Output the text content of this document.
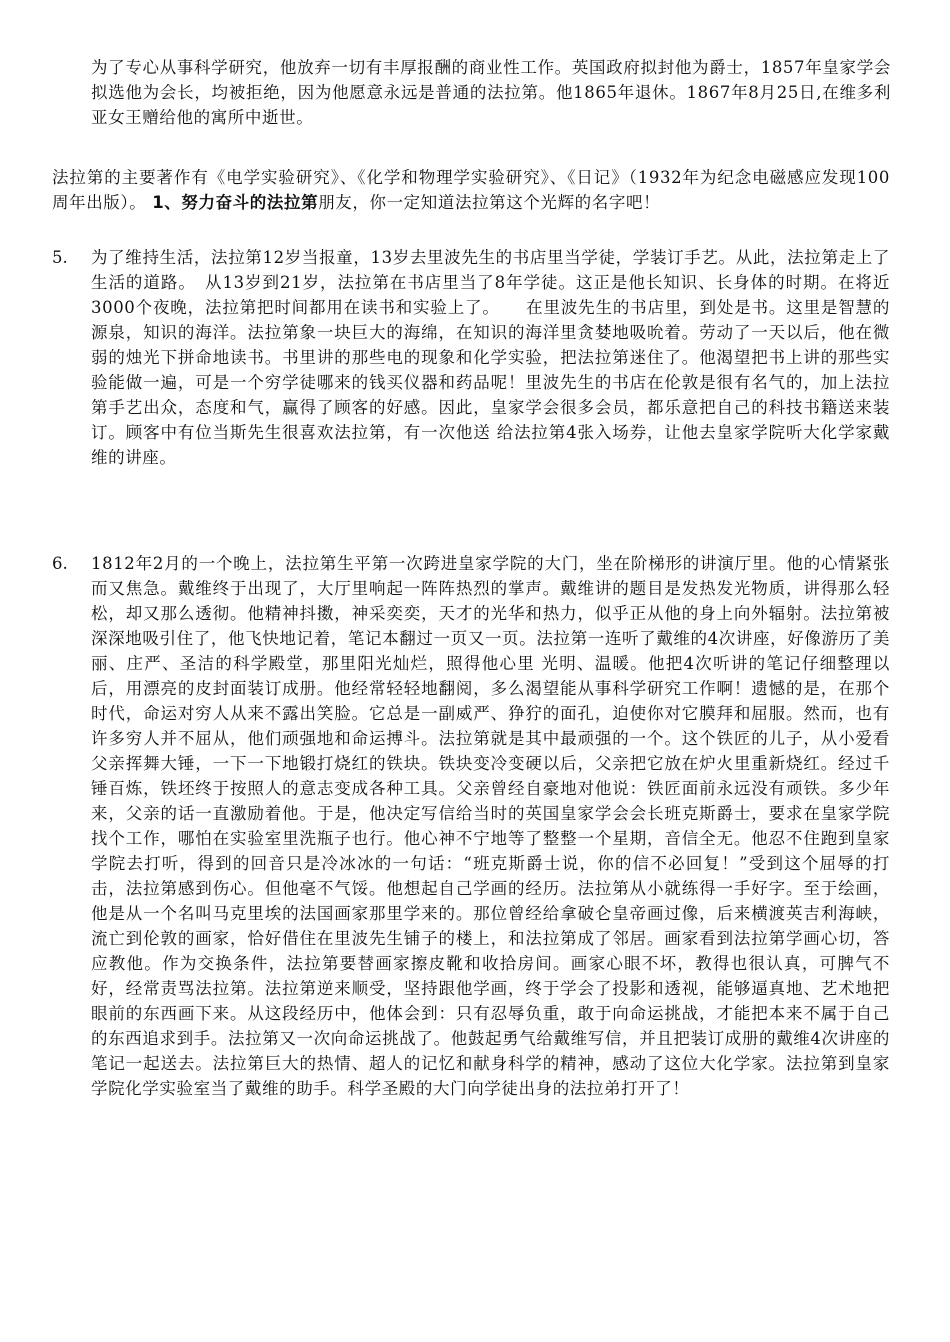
为了专心从事科学研究，他放弃一切有丰厚报酬的商业性工作。英国政府拟封他为爵士，1857年皇家学会拟选他为会长，均被拒绝，因为他愿意永远是普通的法拉第。他1865年退休。1867年8月25日,在维多利亚女王赠给他的寓所中逝世。

法拉第的主要著作有《电学实验研究》、《化学和物理学实验研究》、《日记》（1932年为纪念电磁感应发现100周年出版）。 1、努力奋斗的法拉第朋友，你一定知道法拉第这个光辉的名字吧！

5. 为了维持生活，法拉第12岁当报童，13岁去里波先生的书店里当学徒，学装订手艺。从此，法拉第走上了生活的道路。　从13岁到21岁，法拉第在书店里当了8年学徒。这正是他长知识、长身体的时期。在将近3000个夜晚，法拉第把时间都用在读书和实验上了。　　在里波先生的书店里，到处是书。这里是智慧的源泉，知识的海洋。法拉第象一块巨大的海绵，在知识的海洋里贪婪地吸吮着。劳动了一天以后，他在微弱的烛光下拼命地读书。书里讲的那些电的现象和化学实验，把法拉第迷住了。他渴望把书上讲的那些实验能做一遍，可是一个穷学徒哪来的钱买仪器和药品呢！里波先生的书店在伦敦是很有名气的，加上法拉第手艺出众，态度和气，赢得了顾客的好感。因此，皇家学会很多会员，都乐意把自己的科技书籍送来装订。顾客中有位当斯先生很喜欢法拉第，有一次他送 给法拉第4张入场券，让他去皇家学院听大化学家戴维的讲座。

6. 1812年2月的一个晚上，法拉第生平第一次跨进皇家学院的大门，坐在阶梯形的讲演厅里。他的心情紧张而又焦急。戴维终于出现了，大厅里响起一阵阵热烈的掌声。戴维讲的题目是发热发光物质，讲得那么轻松，却又那么透彻。他精神抖擞，神采奕奕，天才的光华和热力，似乎正从他的身上向外辐射。法拉第被深深地吸引住了，他飞快地记着，笔记本翻过一页又一页。法拉第一连听了戴维的4次讲座，好像游历了美丽、庄严、圣洁的科学殿堂，那里阳光灿烂，照得他心里 光明、温暖。他把4次听讲的笔记仔细整理以后，用漂亮的皮封面装订成册。他经常轻轻地翻阅，多么渴望能从事科学研究工作啊！遗憾的是，在那个时代，命运对穷人从来不露出笑脸。它总是一副威严、狰狞的面孔，迫使你对它膜拜和屈服。然而，也有许多穷人并不屈从，他们顽强地和命运搏斗。法拉第就是其中最顽强的一个。这个铁匠的儿子，从小爱看父亲挥舞大锤，一下一下地锻打烧红的铁块。铁块变冷变硬以后，父亲把它放在炉火里重新烧红。经过千锤百炼，铁坯终于按照人的意志变成各种工具。父亲曾经自豪地对他说：铁匠面前永远没有顽铁。多少年来，父亲的话一直激励着他。于是，他决定写信给当时的英国皇家学会会长班克斯爵士，要求在皇家学院找个工作，哪怕在实验室里洗瓶子也行。他心神不宁地等了整整一个星期，音信全无。他忍不住跑到皇家学院去打听，得到的回音只是冷冰冰的一句话：“班克斯爵士说，你的信不必回复！”受到这个屈辱的打击，法拉第感到伤心。但他毫不气馁。他想起自己学画的经历。法拉第从小就练得一手好字。至于绘画，他是从一个名叫马克里埃的法国画家那里学来的。那位曾经给拿破仑皇帝画过像，后来横渡英吉利海峡，流亡到伦敦的画家，恰好借住在里波先生铺子的楼上，和法拉第成了邻居。画家看到法拉第学画心切，答应教他。作为交换条件，法拉第要替画家擦皮靴和收拾房间。画家心眼不坏，教得也很认真，可脾气不好，经常责骂法拉第。法拉第逆来顺受，坚持跟他学画，终于学会了投影和透视，能够逼真地、艺术地把眼前的东西画下来。从这段经历中，他体会到：只有忍辱负重，敢于向命运挑战，才能把本来不属于自己的东西追求到手。法拉第又一次向命运挑战了。他鼓起勇气给戴维写信，并且把装订成册的戴维4次讲座的笔记一起送去。法拉第巨大的热情、超人的记忆和献身科学的精神，感动了这位大化学家。法拉第到皇家学院化学实验室当了戴维的助手。科学圣殿的大门向学徒出身的法拉弟打开了！
